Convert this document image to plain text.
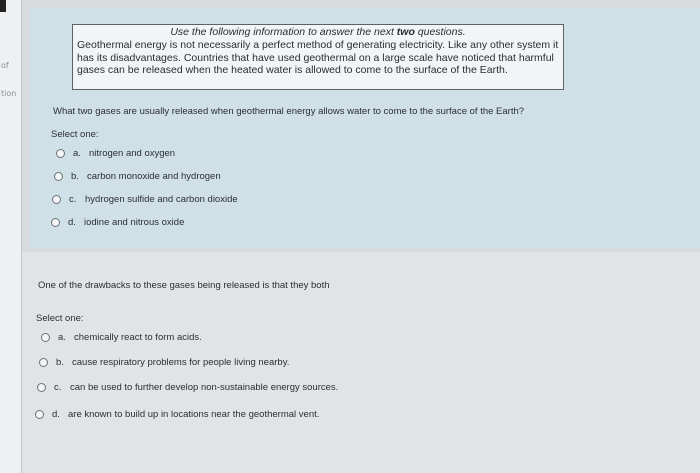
of
tion
Use the following information to answer the next two questions.
Geothermal energy is not necessarily a perfect method of generating electricity. Like any other system it has its disadvantages. Countries that have used geothermal on a large scale have noticed that harmful gases can be released when the heated water is allowed to come to the surface of the Earth.
What two gases are usually released when geothermal energy allows water to come to the surface of the Earth?
Select one:
a. nitrogen and oxygen
b. carbon monoxide and hydrogen
c. hydrogen sulfide and carbon dioxide
d. iodine and nitrous oxide
One of the drawbacks to these gases being released is that they both
Select one:
a. chemically react to form acids.
b. cause respiratory problems for people living nearby.
c. can be used to further develop non-sustainable energy sources.
d. are known to build up in locations near the geothermal vent.
